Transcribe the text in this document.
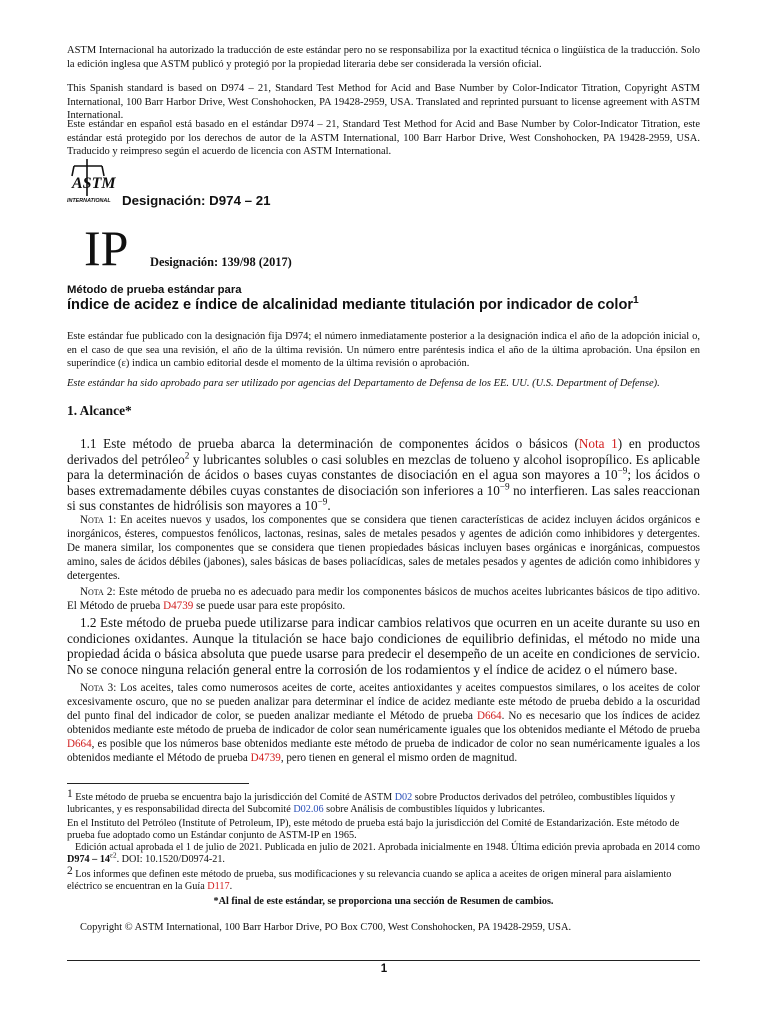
ASTM Internacional ha autorizado la traducción de este estándar pero no se responsabiliza por la exactitud técnica o lingüística de la traducción. Solo la edición inglesa que ASTM publicó y protegió por la propiedad literaria debe ser considerada la versión oficial.

This Spanish standard is based on D974 – 21, Standard Test Method for Acid and Base Number by Color-Indicator Titration, Copyright ASTM International, 100 Barr Harbor Drive, West Conshohocken, PA 19428-2959, USA. Translated and reprinted pursuant to license agreement with ASTM International.

Este estándar en español está basado en el estándar D974 – 21, Standard Test Method for Acid and Base Number by Color-Indicator Titration, este estándar está protegido por los derechos de autor de la ASTM International, 100 Barr Harbor Drive, West Conshohocken, PA 19428-2959, USA. Traducido y reimpreso según el acuerdo de licencia con ASTM International.

ASTM
INTERNATIONAL Designación: D974 – 21
IP Designación: 139/98 (2017)
Método de prueba estándar para
índice de acidez e índice de alcalinidad mediante titulación por indicador de color$^1$

Este estándar fue publicado con la designación fija D974; el número inmediatamente posterior a la designación indica el año de la adopción inicial o, en el caso de que sea una revisión, el año de la última revisión. Un número entre paréntesis indica el año de la última aprobación. Una épsilon en superíndice (ε) indica un cambio editorial desde el momento de la última revisión o aprobación.

Este estándar ha sido aprobado para ser utilizado por agencias del Departamento de Defensa de los EE. UU. (U.S. Department of Defense).

1. Alcance*

1.1 Este método de prueba abarca la determinación de componentes ácidos o básicos (Nota 1) en productos derivados del petróleo$^2$ y lubricantes solubles o casi solubles en mezclas de tolueno y alcohol isopropílico. Es aplicable para la determinación de ácidos o bases cuyas constantes de disociación en el agua son mayores a $10^{-9}$; los ácidos o bases extremadamente débiles cuyas constantes de disociación son inferiores a $10^{-9}$ no interfieren. Las sales reaccionan si sus constantes de hidrólisis son mayores a $10^{-9}$.

Nota 1: En aceites nuevos y usados, los componentes que se considera que tienen características de acidez incluyen ácidos orgánicos e inorgánicos, ésteres, compuestos fenólicos, lactonas, resinas, sales de metales pesados y agentes de adición como inhibidores y detergentes. De manera similar, los componentes que se considera que tienen propiedades básicas incluyen bases orgánicas e inorgánicas, compuestos amino, sales de ácidos débiles (jabones), sales básicas de bases poliacídicas, sales de metales pesados y agentes de adición como inhibidores y detergentes.

Nota 2: Este método de prueba no es adecuado para medir los componentes básicos de muchos aceites lubricantes básicos de tipo aditivo. El Método de prueba D4739 se puede usar para este propósito.

1.2 Este método de prueba puede utilizarse para indicar cambios relativos que ocurren en un aceite durante su uso en condiciones oxidantes. Aunque la titulación se hace bajo condiciones de equilibrio definidas, el método no mide una propiedad ácida o básica absoluta que puede usarse para predecir el desempeño de un aceite en condiciones de servicio. No se conoce ninguna relación general entre la corrosión de los rodamientos y el índice de acidez o el número base.

Nota 3: Los aceites, tales como numerosos aceites de corte, aceites antioxidantes y aceites compuestos similares, o los aceites de color excesivamente oscuro, que no se pueden analizar para determinar el índice de acidez mediante este método de prueba debido a la oscuridad del punto final del indicador de color, se pueden analizar mediante el Método de prueba D664. No es necesario que los índices de acidez obtenidos mediante este método de prueba de indicador de color sean numéricamente iguales que los obtenidos mediante el Método de prueba D664, es posible que los números base obtenidos mediante este método de prueba de indicador de color no sean numéricamente iguales a los obtenidos mediante el Método de prueba D4739, pero tienen en general el mismo orden de magnitud.

1 Este método de prueba se encuentra bajo la jurisdicción del Comité de ASTM D02 sobre Productos derivados del petróleo, combustibles líquidos y lubricantes, y es responsabilidad directa del Subcomité D02.06 sobre Análisis de combustibles líquidos y lubricantes.

En el Instituto del Petróleo (Institute of Petroleum, IP), este método de prueba está bajo la jurisdicción del Comité de Estandarización. Este método de prueba fue adoptado como un Estándar conjunto de ASTM-IP en 1965.

Edición actual aprobada el 1 de julio de 2021. Publicada en julio de 2021. Aprobada inicialmente en 1948. Última edición previa aprobada en 2014 como $D974 - 14^{\varepsilon 2}$. DOI: 10.1520/D0974-21.

2 Los informes que definen este método de prueba, sus modificaciones y su relevancia cuando se aplica a aceites de origen mineral para aislamiento eléctrico se encuentran en la Guía D117.

*Al final de este estándar, se proporciona una sección de Resumen de cambios.

Copyright © ASTM International, 100 Barr Harbor Drive, PO Box C700, West Conshohocken, PA 19428-2959, USA.

1
